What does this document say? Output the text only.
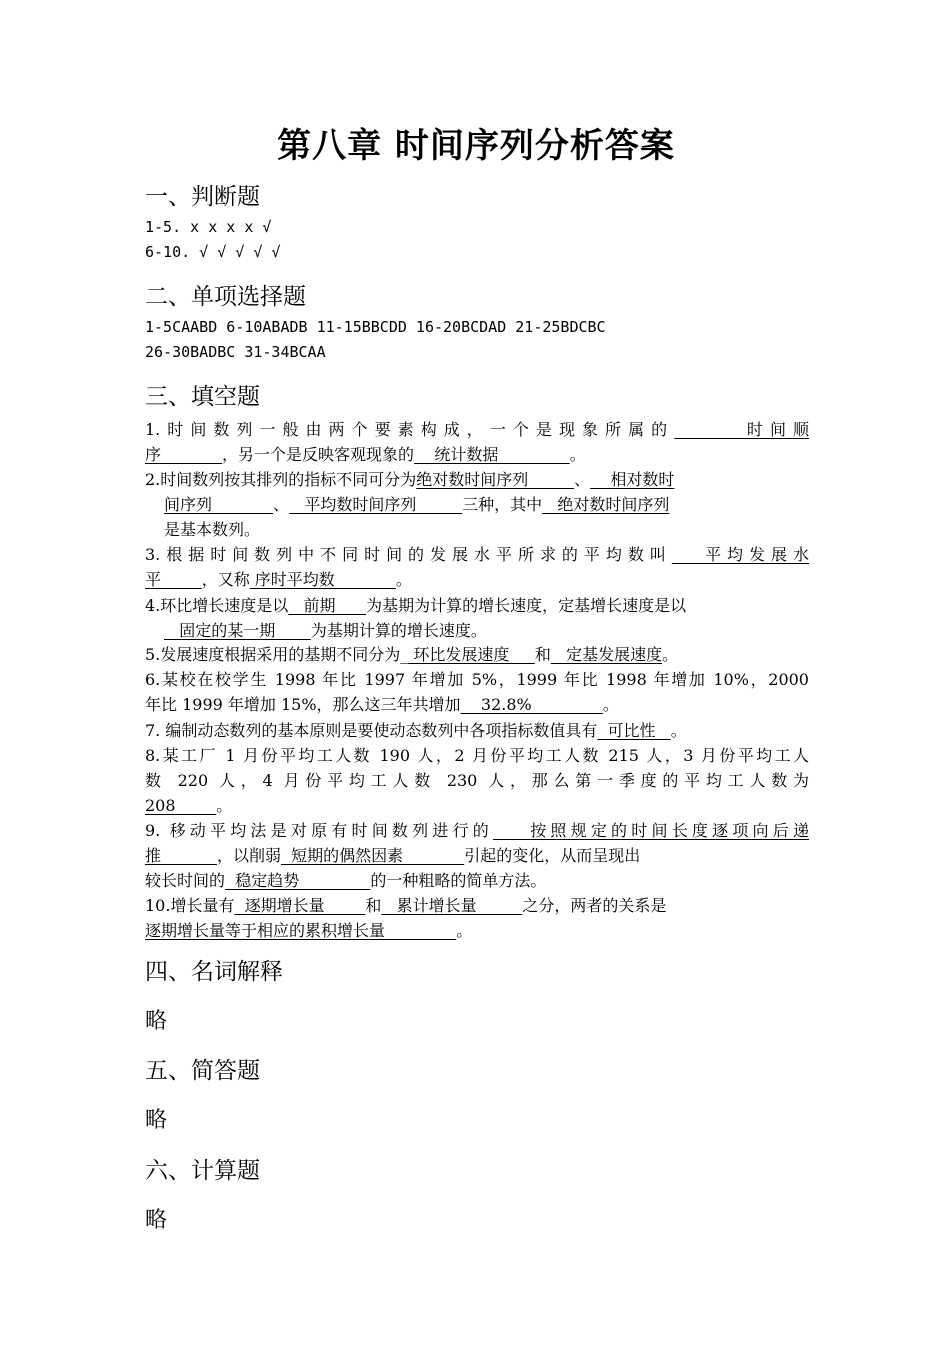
第八章 时间序列分析答案
一、判断题
1-5. x x x x √
6-10. √ √ √ √ √
二、单项选择题
1-5CAABD 6-10ABADB 11-15BBCDD 16-20BCDAD 21-25BDCBC
26-30BADBC 31-34BCAA
三、填空题
1.时间数列一般由两个要素构成，一个是现象所属的      时间顺
序            ，另一个是反映客观现象的    统计数据              。
2.时间数列按其排列的指标不同可分为绝对数时间序列         、    相对数时
间序列            、   平均数时间序列         三种，其中   绝对数时间序列
是基本数列。
3.根据时间数列中不同时间的发展水平所求的平均数叫   平均发展水
平        ，又称 序时平均数            。
4.环比增长速度是以   前期      为基期为计算的增长速度，定基增长速度是以
固定的某一期       为基期计算的增长速度。
5.发展速度根据采用的基期不同分为_ 环比发展速度     和   定基发展速度。
6.某校在校学生 1998 年比 1997 年增加 5%，1999 年比 1998 年增加 10%，2000
年比 1999 年增加 15%，那么这三年共增加    32.8%              。
7. 编制动态数列的基本原则是要使动态数列中各项指标数值具有  可比性   。
8.某工厂 1 月份平均工人数 190 人，2 月份平均工人数 215 人，3 月份平均工人
数 220 人，4 月份平均工人数 230 人，那么第一季度的平均工人数为
208        。
9. 移动平均法是对原有时间数列进行的    按照规定的时间长度逐项向后递
推           ，以削弱  短期的偶然因素            引起的变化，从而呈现出
较长时间的  稳定趋势              的一种粗略的简单方法。
10.增长量有  逐期增长量        和   累计增长量         之分，两者的关系是
逐期增长量等于相应的累积增长量              。
四、名词解释
略
五、简答题
略
六、计算题
略
